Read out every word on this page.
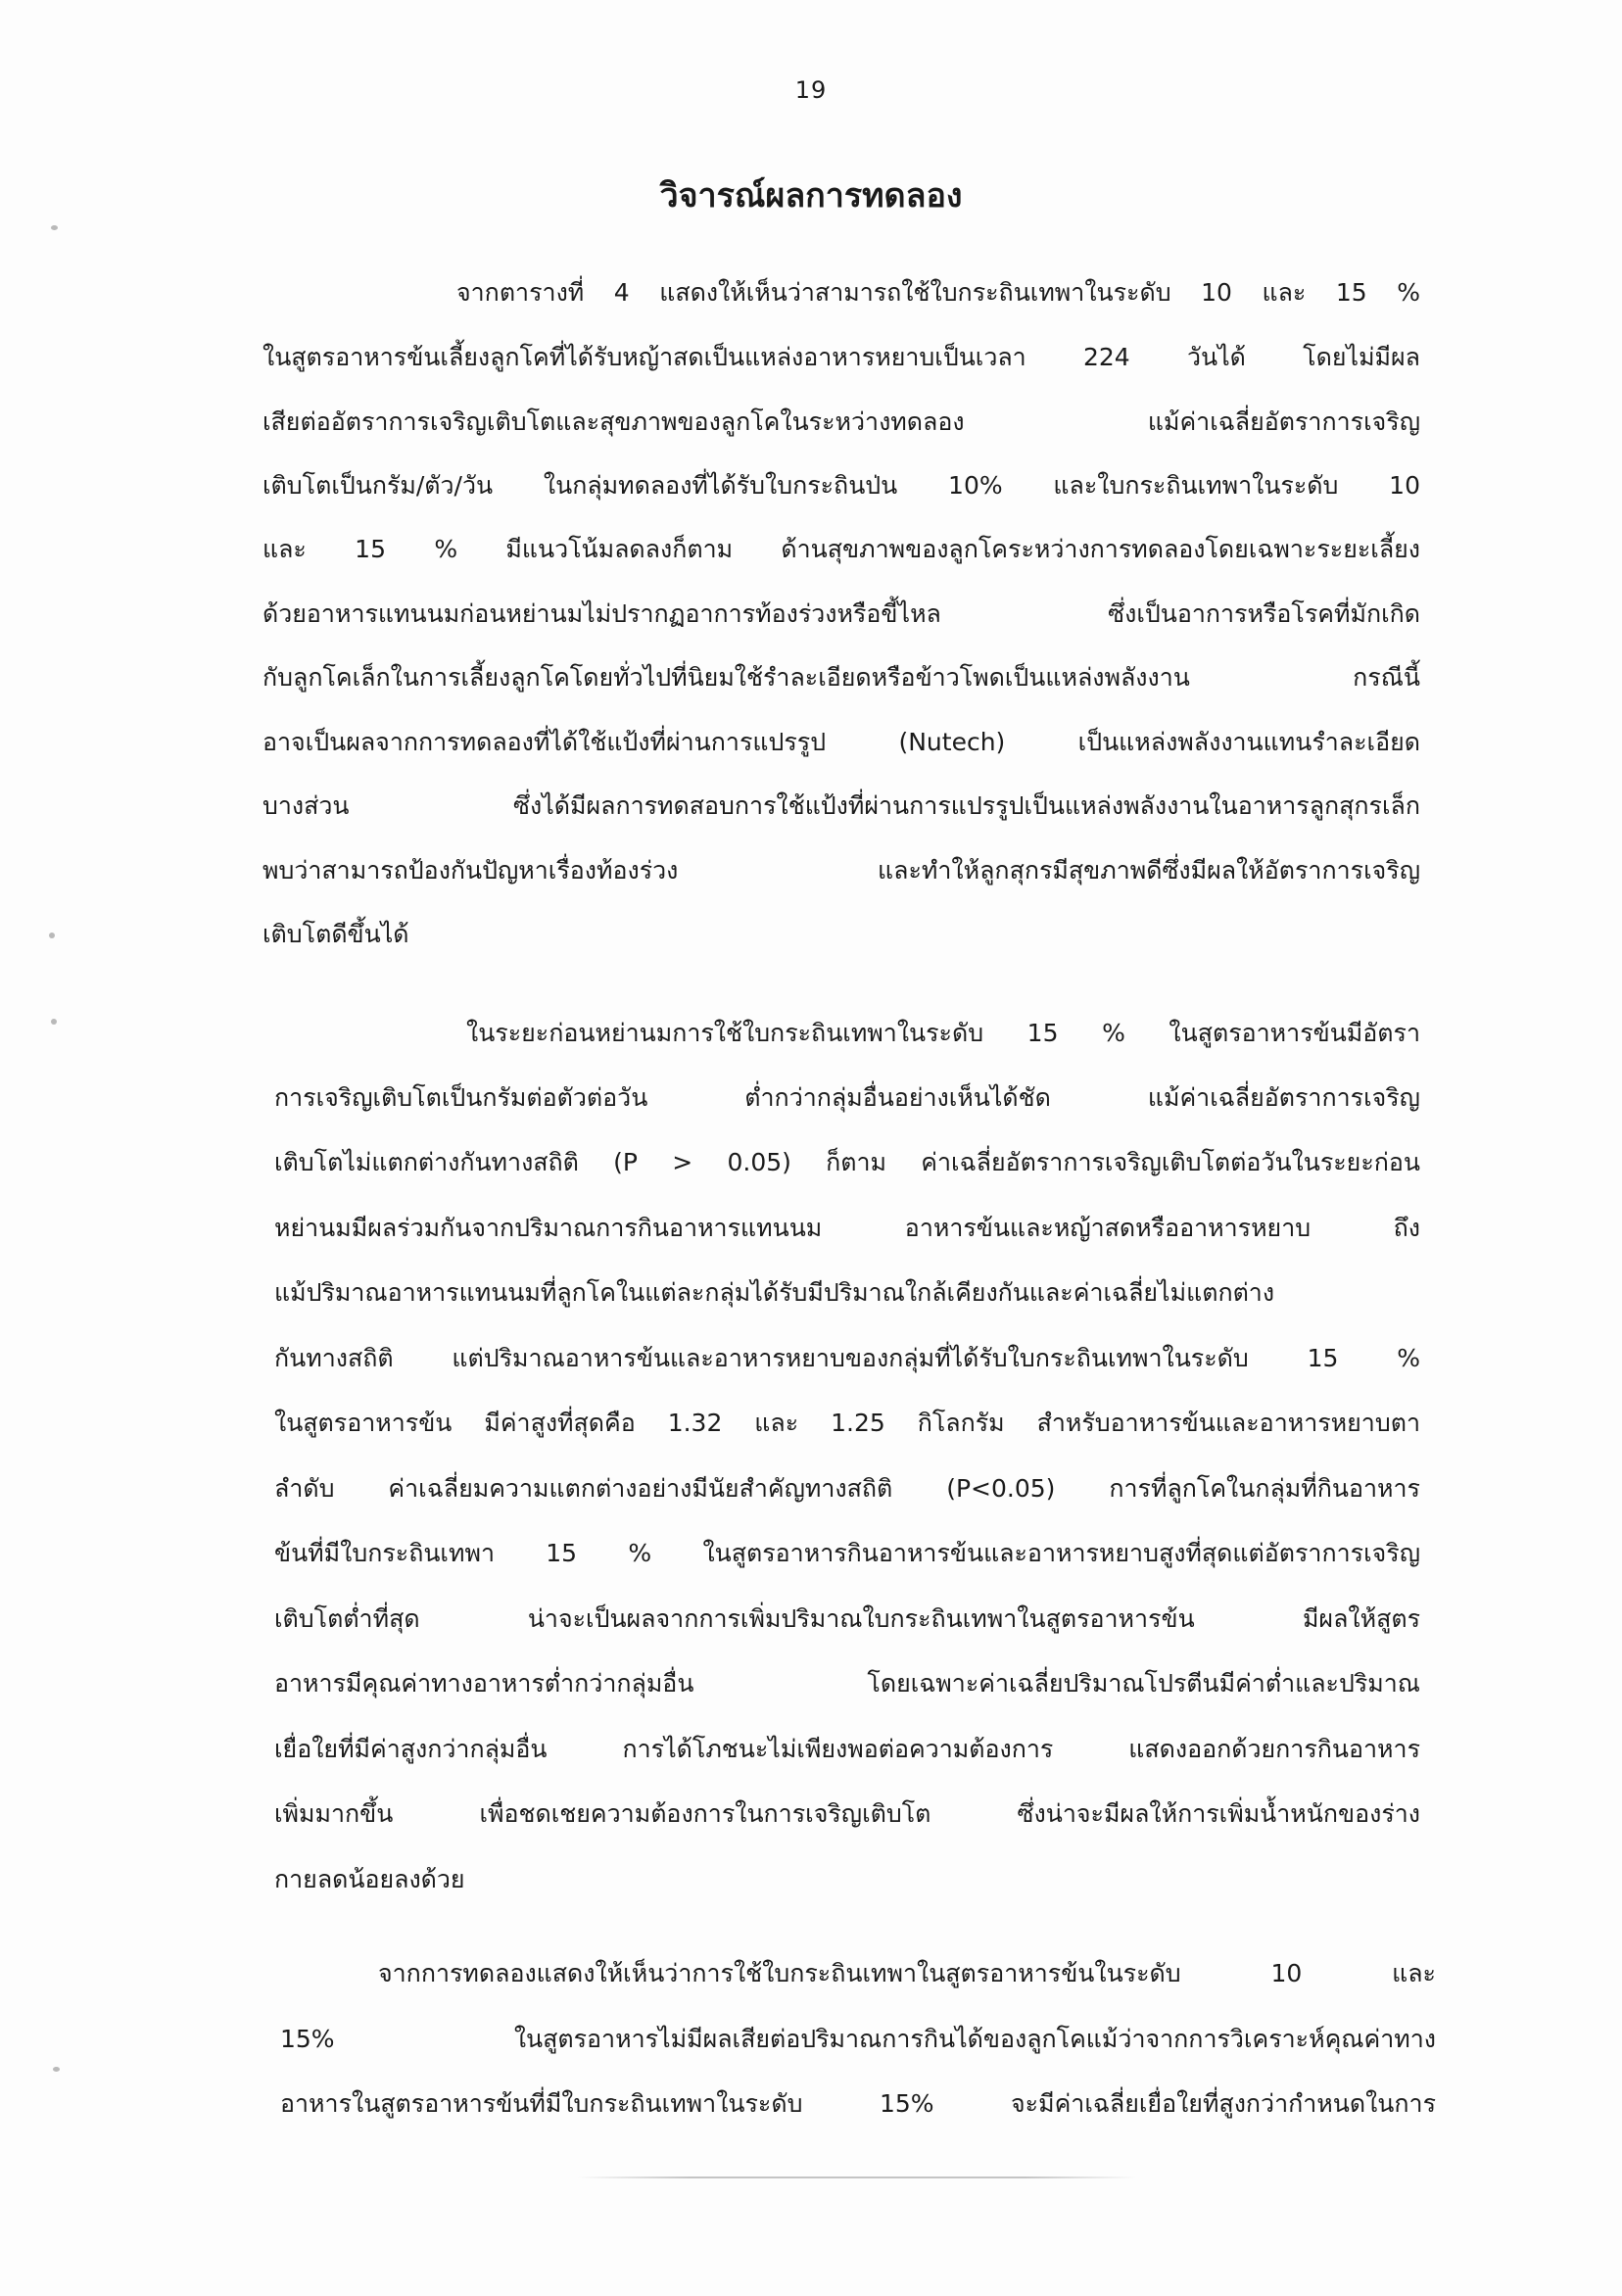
19
วิจารณ์ผลการทดลอง
จากตารางที่ 4 แสดงให้เห็นว่าสามารถใช้ใบกระถินเทพาในระดับ 10 และ 15 %
ในสูตรอาหารข้นเลี้ยงลูกโคที่ได้รับหญ้าสดเป็นแหล่งอาหารหยาบเป็นเวลา 224 วันได้ โดยไม่มีผล
เสียต่ออัตราการเจริญเติบโตและสุขภาพของลูกโคในระหว่างทดลอง แม้ค่าเฉลี่ยอัตราการเจริญ
เติบโตเป็นกรัม/ตัว/วัน ในกลุ่มทดลองที่ได้รับใบกระถินป่น 10% และใบกระถินเทพาในระดับ 10
และ 15 % มีแนวโน้มลดลงก็ตาม ด้านสุขภาพของลูกโคระหว่างการทดลองโดยเฉพาะระยะเลี้ยง
ด้วยอาหารแทนนมก่อนหย่านมไม่ปรากฏอาการท้องร่วงหรือขี้ไหล ซึ่งเป็นอาการหรือโรคที่มักเกิด
กับลูกโคเล็กในการเลี้ยงลูกโคโดยทั่วไปที่นิยมใช้รำละเอียดหรือข้าวโพดเป็นแหล่งพลังงาน กรณีนี้
อาจเป็นผลจากการทดลองที่ได้ใช้แป้งที่ผ่านการแปรรูป (Nutech) เป็นแหล่งพลังงานแทนรำละเอียด
บางส่วน ซึ่งได้มีผลการทดสอบการใช้แป้งที่ผ่านการแปรรูปเป็นแหล่งพลังงานในอาหารลูกสุกรเล็ก
พบว่าสามารถป้องกันปัญหาเรื่องท้องร่วง และทำให้ลูกสุกรมีสุขภาพดีซึ่งมีผลให้อัตราการเจริญ
เติบโตดีขึ้นได้
ในระยะก่อนหย่านมการใช้ใบกระถินเทพาในระดับ 15 % ในสูตรอาหารข้นมีอัตรา
การเจริญเติบโตเป็นกรัมต่อตัวต่อวัน ต่ำกว่ากลุ่มอื่นอย่างเห็นได้ชัด แม้ค่าเฉลี่ยอัตราการเจริญ
เติบโตไม่แตกต่างกันทางสถิติ (P > 0.05) ก็ตาม ค่าเฉลี่ยอัตราการเจริญเติบโตต่อวันในระยะก่อน
หย่านมมีผลร่วมกันจากปริมาณการกินอาหารแทนนม อาหารข้นและหญ้าสดหรืออาหารหยาบ ถึง
แม้ปริมาณอาหารแทนนมที่ลูกโคในแต่ละกลุ่มได้รับมีปริมาณใกล้เคียงกันและค่าเฉลี่ยไม่แตกต่าง
กันทางสถิติ แต่ปริมาณอาหารข้นและอาหารหยาบของกลุ่มที่ได้รับใบกระถินเทพาในระดับ 15 %
ในสูตรอาหารข้น มีค่าสูงที่สุดคือ 1.32 และ 1.25 กิโลกรัม สำหรับอาหารข้นและอาหารหยาบตา
ลำดับ ค่าเฉลี่ยมความแตกต่างอย่างมีนัยสำคัญทางสถิติ (P<0.05) การที่ลูกโคในกลุ่มที่กินอาหาร
ข้นที่มีใบกระถินเทพา 15 % ในสูตรอาหารกินอาหารข้นและอาหารหยาบสูงที่สุดแต่อัตราการเจริญ
เติบโตต่ำที่สุด น่าจะเป็นผลจากการเพิ่มปริมาณใบกระถินเทพาในสูตรอาหารข้น มีผลให้สูตร
อาหารมีคุณค่าทางอาหารต่ำกว่ากลุ่มอื่น โดยเฉพาะค่าเฉลี่ยปริมาณโปรตีนมีค่าต่ำและปริมาณ
เยื่อใยที่มีค่าสูงกว่ากลุ่มอื่น การได้โภชนะไม่เพียงพอต่อความต้องการ แสดงออกด้วยการกินอาหาร
เพิ่มมากขึ้น เพื่อชดเชยความต้องการในการเจริญเติบโต ซึ่งน่าจะมีผลให้การเพิ่มน้ำหนักของร่าง
กายลดน้อยลงด้วย
จากการทดลองแสดงให้เห็นว่าการใช้ใบกระถินเทพาในสูตรอาหารข้นในระดับ 10 และ
15% ในสูตรอาหารไม่มีผลเสียต่อปริมาณการกินได้ของลูกโคแม้ว่าจากการวิเคราะห์คุณค่าทาง
อาหารในสูตรอาหารข้นที่มีใบกระถินเทพาในระดับ 15% จะมีค่าเฉลี่ยเยื่อใยที่สูงกว่ากำหนดในการ
